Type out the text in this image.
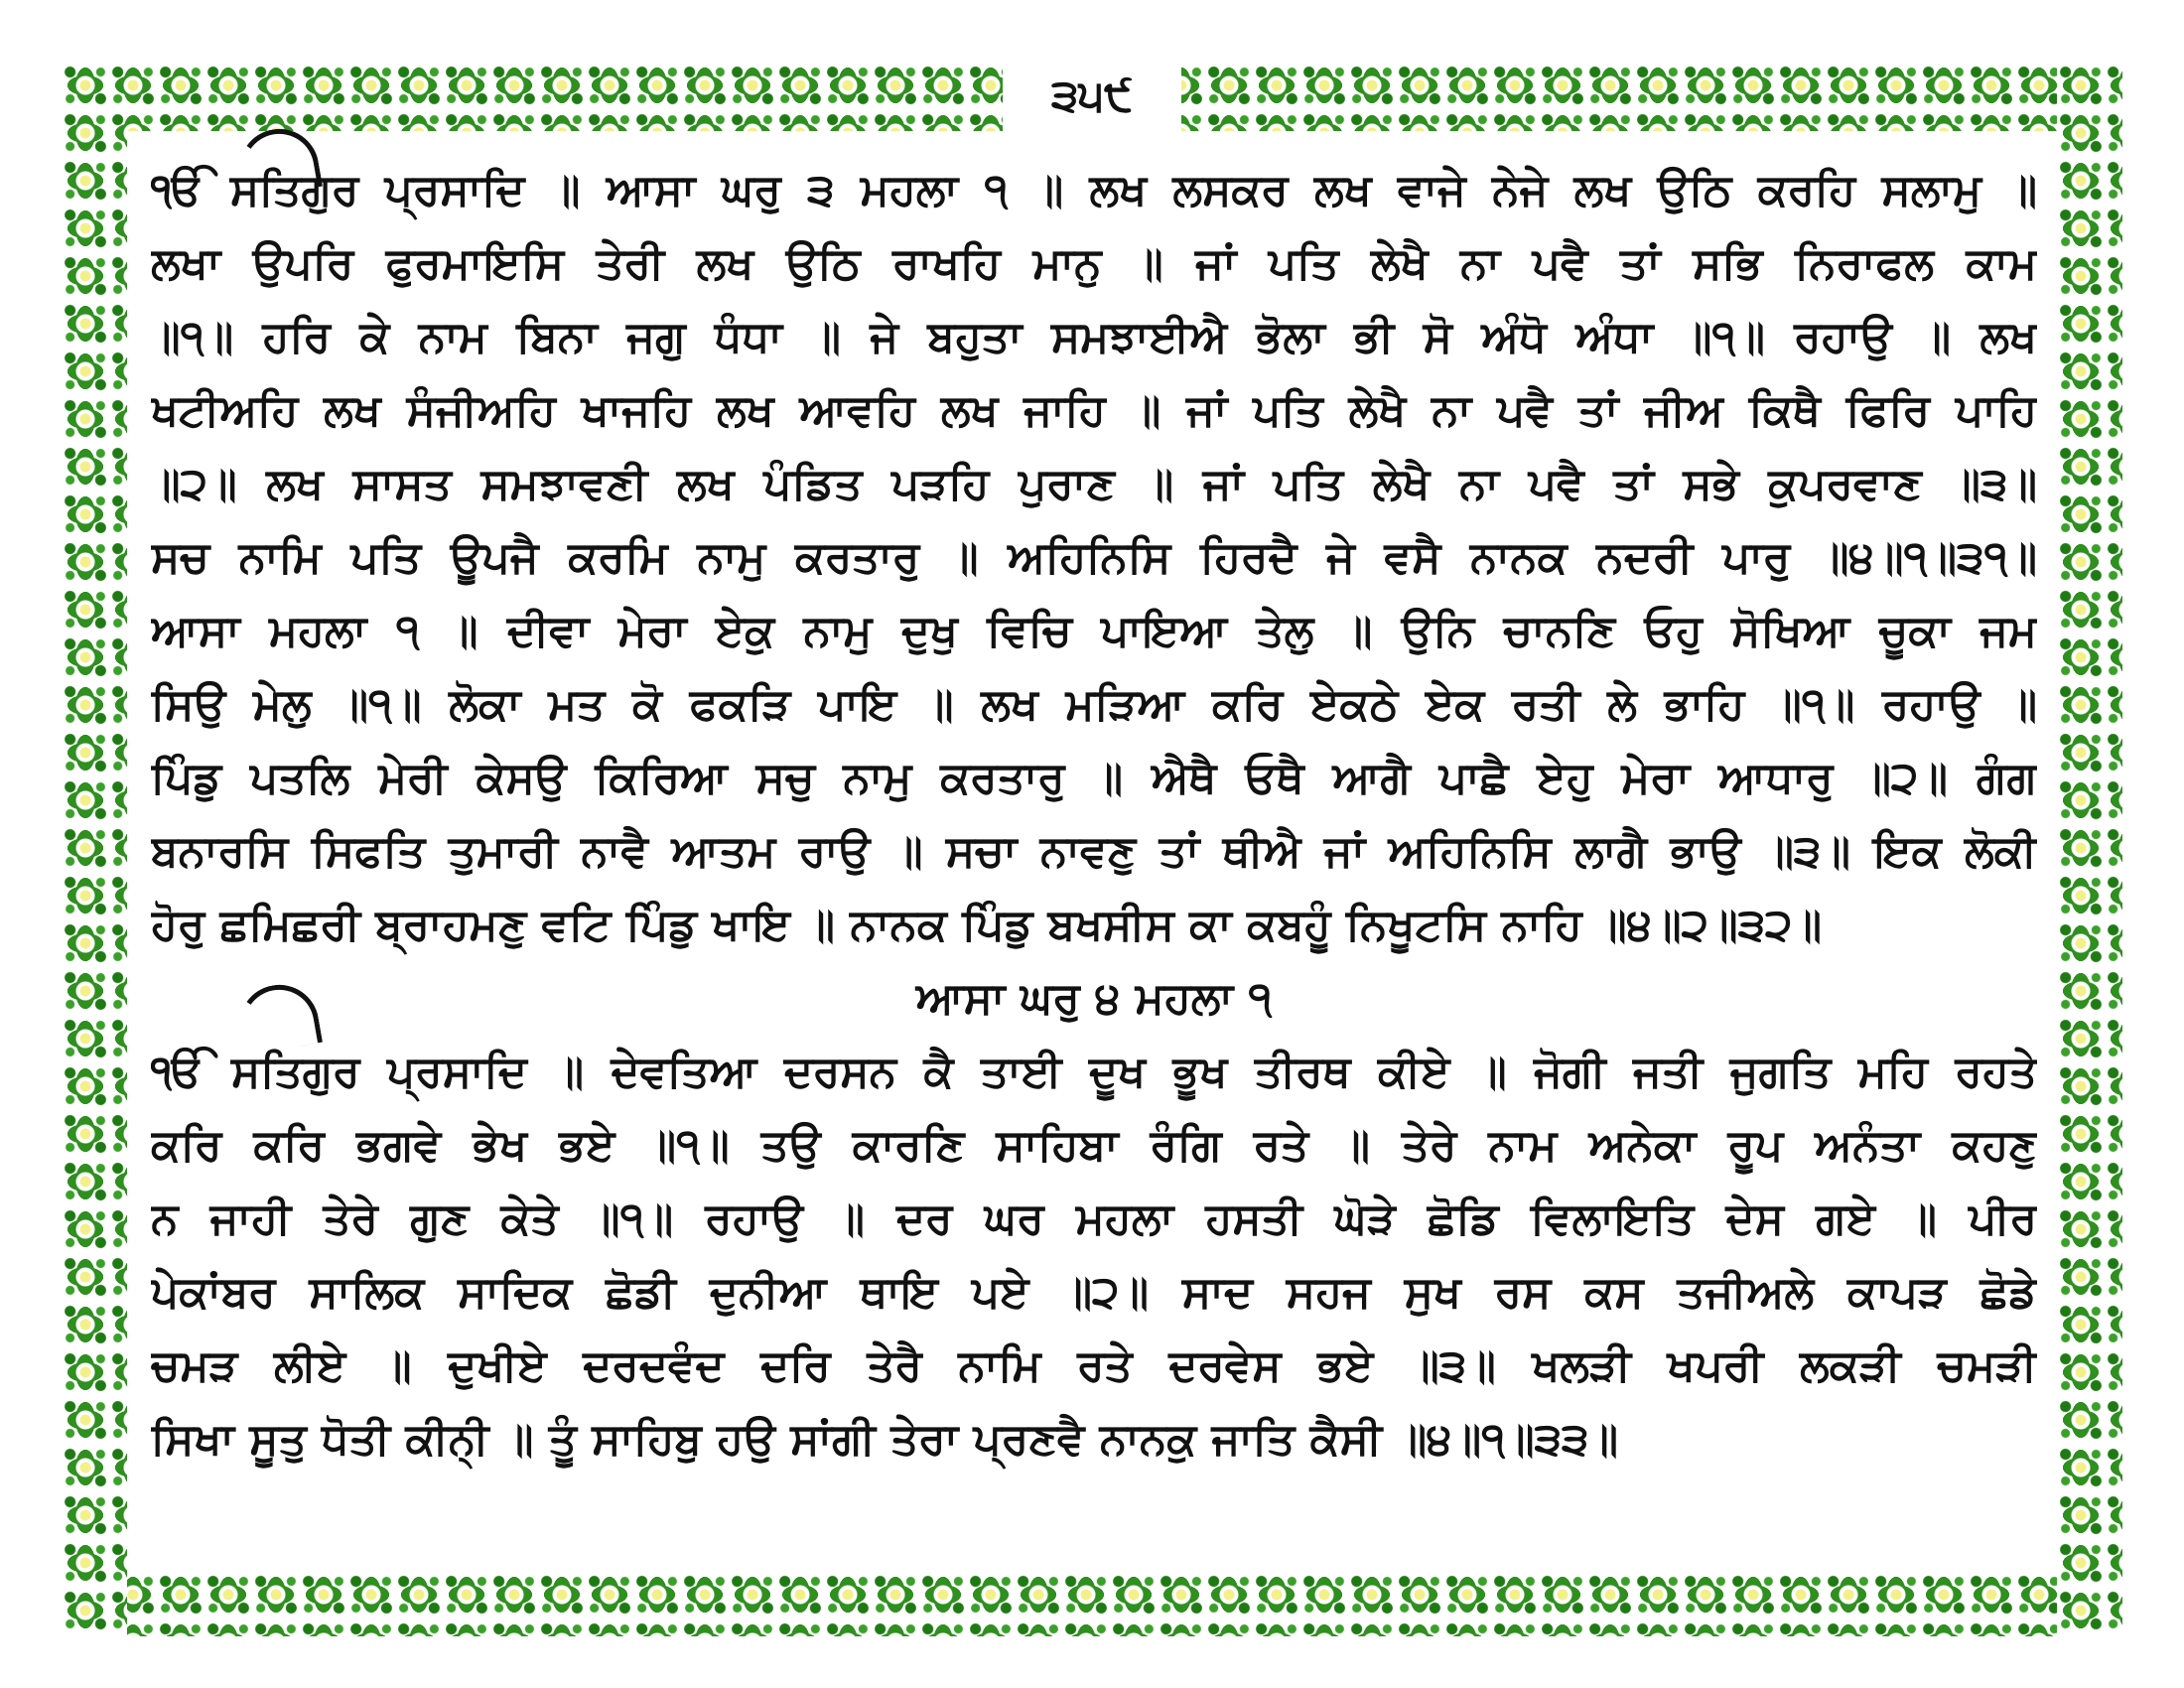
੩੫੯
ੴ ਸਤਿਗੁਰ ਪ੍ਰਸਾਦਿ ॥ ਆਸਾ ਘਰੁ ੩ ਮਹਲਾ ੧ ॥ ਲਖ ਲਸਕਰ ਲਖ ਵਾਜੇ ਨੇਜੇ ਲਖ ਉਠਿ ਕਰਹਿ ਸਲਾਮੁ ॥
ਲਖਾ ਉਪਰਿ ਫੁਰਮਾਇਸਿ ਤੇਰੀ ਲਖ ਉਠਿ ਰਾਖਹਿ ਮਾਨੁ ॥ ਜਾਂ ਪਤਿ ਲੇਖੈ ਨਾ ਪਵੈ ਤਾਂ ਸਭਿ ਨਿਰਾਫਲ ਕਾਮ
॥੧॥ ਹਰਿ ਕੇ ਨਾਮ ਬਿਨਾ ਜਗੁ ਧੰਧਾ ॥ ਜੇ ਬਹੁਤਾ ਸਮਝਾਈਐ ਭੋਲਾ ਭੀ ਸੋ ਅੰਧੋ ਅੰਧਾ ॥੧॥ ਰਹਾਉ ॥ ਲਖ
ਖਟੀਅਹਿ ਲਖ ਸੰਜੀਅਹਿ ਖਾਜਹਿ ਲਖ ਆਵਹਿ ਲਖ ਜਾਹਿ ॥ ਜਾਂ ਪਤਿ ਲੇਖੈ ਨਾ ਪਵੈ ਤਾਂ ਜੀਅ ਕਿਥੈ ਫਿਰਿ ਪਾਹਿ
॥੨॥ ਲਖ ਸਾਸਤ ਸਮਝਾਵਣੀ ਲਖ ਪੰਡਿਤ ਪੜਹਿ ਪੁਰਾਣ ॥ ਜਾਂ ਪਤਿ ਲੇਖੈ ਨਾ ਪਵੈ ਤਾਂ ਸਭੇ ਕੁਪਰਵਾਣ ॥੩॥
ਸਚ ਨਾਮਿ ਪਤਿ ਊਪਜੈ ਕਰਮਿ ਨਾਮੁ ਕਰਤਾਰੁ ॥ ਅਹਿਨਿਸਿ ਹਿਰਦੈ ਜੇ ਵਸੈ ਨਾਨਕ ਨਦਰੀ ਪਾਰੁ ॥੪॥੧॥੩੧॥
ਆਸਾ ਮਹਲਾ ੧ ॥ ਦੀਵਾ ਮੇਰਾ ਏਕੁ ਨਾਮੁ ਦੁਖੁ ਵਿਚਿ ਪਾਇਆ ਤੇਲੁ ॥ ਉਨਿ ਚਾਨਣਿ ਓਹੁ ਸੋਖਿਆ ਚੂਕਾ ਜਮ
ਸਿਉ ਮੇਲੁ ॥੧॥ ਲੋਕਾ ਮਤ ਕੋ ਫਕੜਿ ਪਾਇ ॥ ਲਖ ਮੜਿਆ ਕਰਿ ਏਕਠੇ ਏਕ ਰਤੀ ਲੇ ਭਾਹਿ ॥੧॥ ਰਹਾਉ ॥
ਪਿੰਡੁ ਪਤਲਿ ਮੇਰੀ ਕੇਸਉ ਕਿਰਿਆ ਸਚੁ ਨਾਮੁ ਕਰਤਾਰੁ ॥ ਐਥੈ ਓਥੈ ਆਗੈ ਪਾਛੈ ਏਹੁ ਮੇਰਾ ਆਧਾਰੁ ॥੨॥ ਗੰਗ
ਬਨਾਰਸਿ ਸਿਫਤਿ ਤੁਮਾਰੀ ਨਾਵੈ ਆਤਮ ਰਾਉ ॥ ਸਚਾ ਨਾਵਣੁ ਤਾਂ ਥੀਐ ਜਾਂ ਅਹਿਨਿਸਿ ਲਾਗੈ ਭਾਉ ॥੩॥ ਇਕ ਲੋਕੀ
ਹੋਰੁ ਛਮਿਛਰੀ ਬ੍ਰਾਹਮਣੁ ਵਟਿ ਪਿੰਡੁ ਖਾਇ ॥ ਨਾਨਕ ਪਿੰਡੁ ਬਖਸੀਸ ਕਾ ਕਬਹੂੰ ਨਿਖੂਟਸਿ ਨਾਹਿ ॥੪॥੨॥੩੨॥
ਆਸਾ ਘਰੁ ੪ ਮਹਲਾ ੧
ੴ ਸਤਿਗੁਰ ਪ੍ਰਸਾਦਿ ॥ ਦੇਵਤਿਆ ਦਰਸਨ ਕੈ ਤਾਈ ਦੂਖ ਭੂਖ ਤੀਰਥ ਕੀਏ ॥ ਜੋਗੀ ਜਤੀ ਜੁਗਤਿ ਮਹਿ ਰਹਤੇ
ਕਰਿ ਕਰਿ ਭਗਵੇ ਭੇਖ ਭਏ ॥੧॥ ਤਉ ਕਾਰਣਿ ਸਾਹਿਬਾ ਰੰਗਿ ਰਤੇ ॥ ਤੇਰੇ ਨਾਮ ਅਨੇਕਾ ਰੂਪ ਅਨੰਤਾ ਕਹਣੁ
ਨ ਜਾਹੀ ਤੇਰੇ ਗੁਣ ਕੇਤੇ ॥੧॥ ਰਹਾਉ ॥ ਦਰ ਘਰ ਮਹਲਾ ਹਸਤੀ ਘੋੜੇ ਛੋਡਿ ਵਿਲਾਇਤਿ ਦੇਸ ਗਏ ॥ ਪੀਰ
ਪੇਕਾਂਬਰ ਸਾਲਿਕ ਸਾਦਿਕ ਛੋਡੀ ਦੁਨੀਆ ਥਾਇ ਪਏ ॥੨॥ ਸਾਦ ਸਹਜ ਸੁਖ ਰਸ ਕਸ ਤਜੀਅਲੇ ਕਾਪੜ ਛੋਡੇ
ਚਮੜ ਲੀਏ ॥ ਦੁਖੀਏ ਦਰਦਵੰਦ ਦਰਿ ਤੇਰੈ ਨਾਮਿ ਰਤੇ ਦਰਵੇਸ ਭਏ ॥੩॥ ਖਲੜੀ ਖਪਰੀ ਲਕੜੀ ਚਮੜੀ
ਸਿਖਾ ਸੂਤੁ ਧੋਤੀ ਕੀਨੀ੍ ॥ ਤੂੰ ਸਾਹਿਬੁ ਹਉ ਸਾਂਗੀ ਤੇਰਾ ਪ੍ਰਣਵੈ ਨਾਨਕੁ ਜਾਤਿ ਕੈਸੀ ॥੪॥੧॥੩੩॥
